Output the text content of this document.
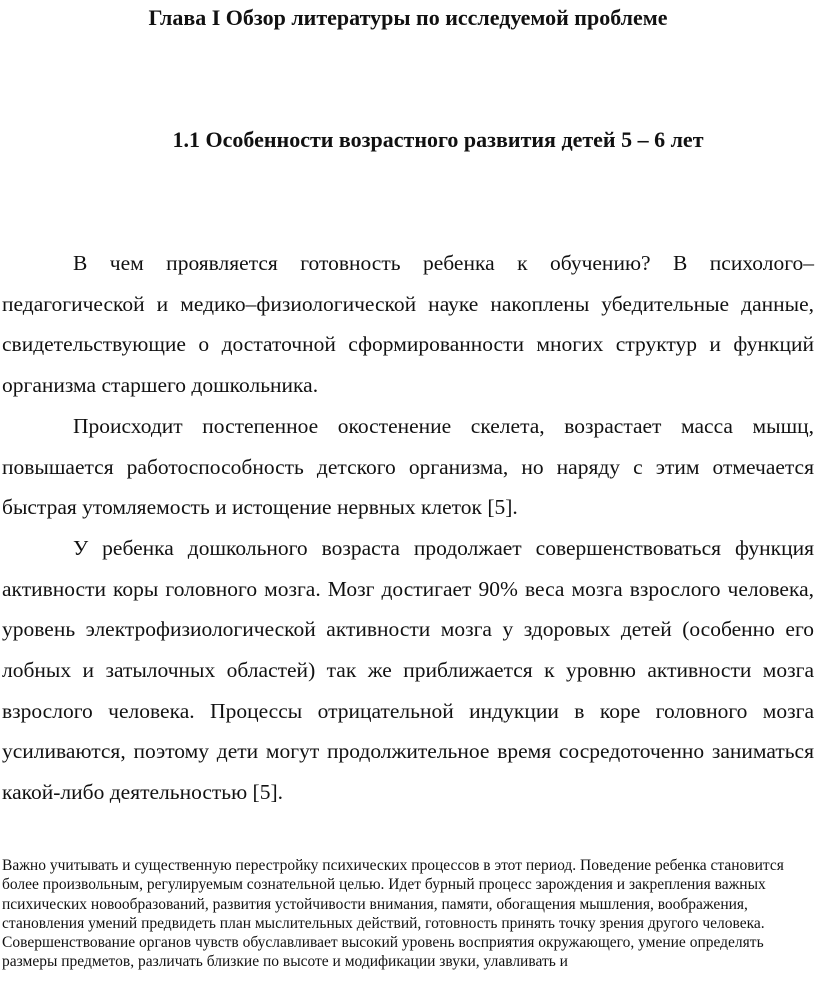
Глава I Обзор литературы по исследуемой проблеме
1.1 Особенности возрастного развития детей 5 – 6 лет

В чем проявляется готовность ребенка к обучению? В психолого–педагогической и медико–физиологической науке накоплены убедительные данные, свидетельствующие о достаточной сформированности многих структур и функций организма старшего дошкольника.

Происходит постепенное окостенение скелета, возрастает масса мышц, повышается работоспособность детского организма, но наряду с этим отмечается быстрая утомляемость и истощение нервных клеток [5].

У ребенка дошкольного возраста продолжает совершенствоваться функция активности коры головного мозга. Мозг достигает 90% веса мозга взрослого человека, уровень электрофизиологической активности мозга у здоровых детей (особенно его лобных и затылочных областей) так же приближается к уровню активности мозга взрослого человека. Процессы отрицательной индукции в коре головного мозга усиливаются, поэтому дети могут продолжительное время сосредоточенно заниматься какой-либо деятельностью [5].

Важно учитывать и существенную перестройку психических процессов в этот период. Поведение ребенка становится более произвольным, регулируемым сознательной целью. Идет бурный процесс зарождения и закрепления важных психических новообразований, развития устойчивости внимания, памяти, обогащения мышления, воображения, становления умений предвидеть план мыслительных действий, готовность принять точку зрения другого человека. Совершенствование органов чувств обуславливает высокий уровень восприятия окружающего, умение определять размеры предметов, различать близкие по высоте и модификации звуки, улавливать и
